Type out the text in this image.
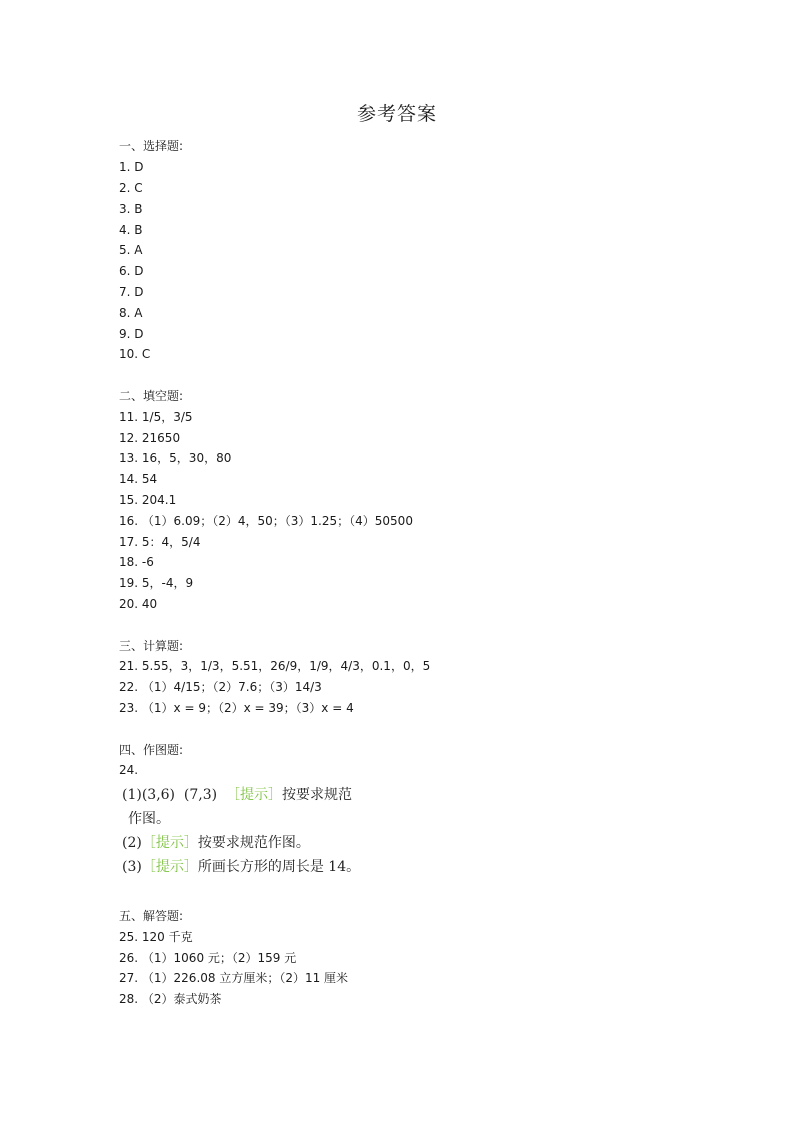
参考答案
一、选择题:
1. D
2. C
3. B
4. B
5. A
6. D
7. D
8. A
9. D
10. C
二、填空题:
11. 1/5，3/5
12. 21650
13. 16，5，30，80
14. 54
15. 204.1
16. （1）6.09；（2）4，50；（3）1.25；（4）50500
17. 5：4，5/4
18. -6
19. 5，-4，9
20. 40
三、计算题:
21. 5.55，3，1/3，5.51，26/9，1/9，4/3，0.1，0，5
22. （1）4/15；（2）7.6；（3）14/3
23. （1）x = 9；（2）x = 39；（3）x = 4
四、作图题:
24.
(1)(3,6)  (7,3)  ［提示］按要求规范
作图。
(2)［提示］按要求规范作图。
(3)［提示］所画长方形的周长是 14。
五、解答题:
25. 120 千克
26. （1）1060 元；（2）159 元
27. （1）226.08 立方厘米；（2）11 厘米
28. （2）泰式奶茶
